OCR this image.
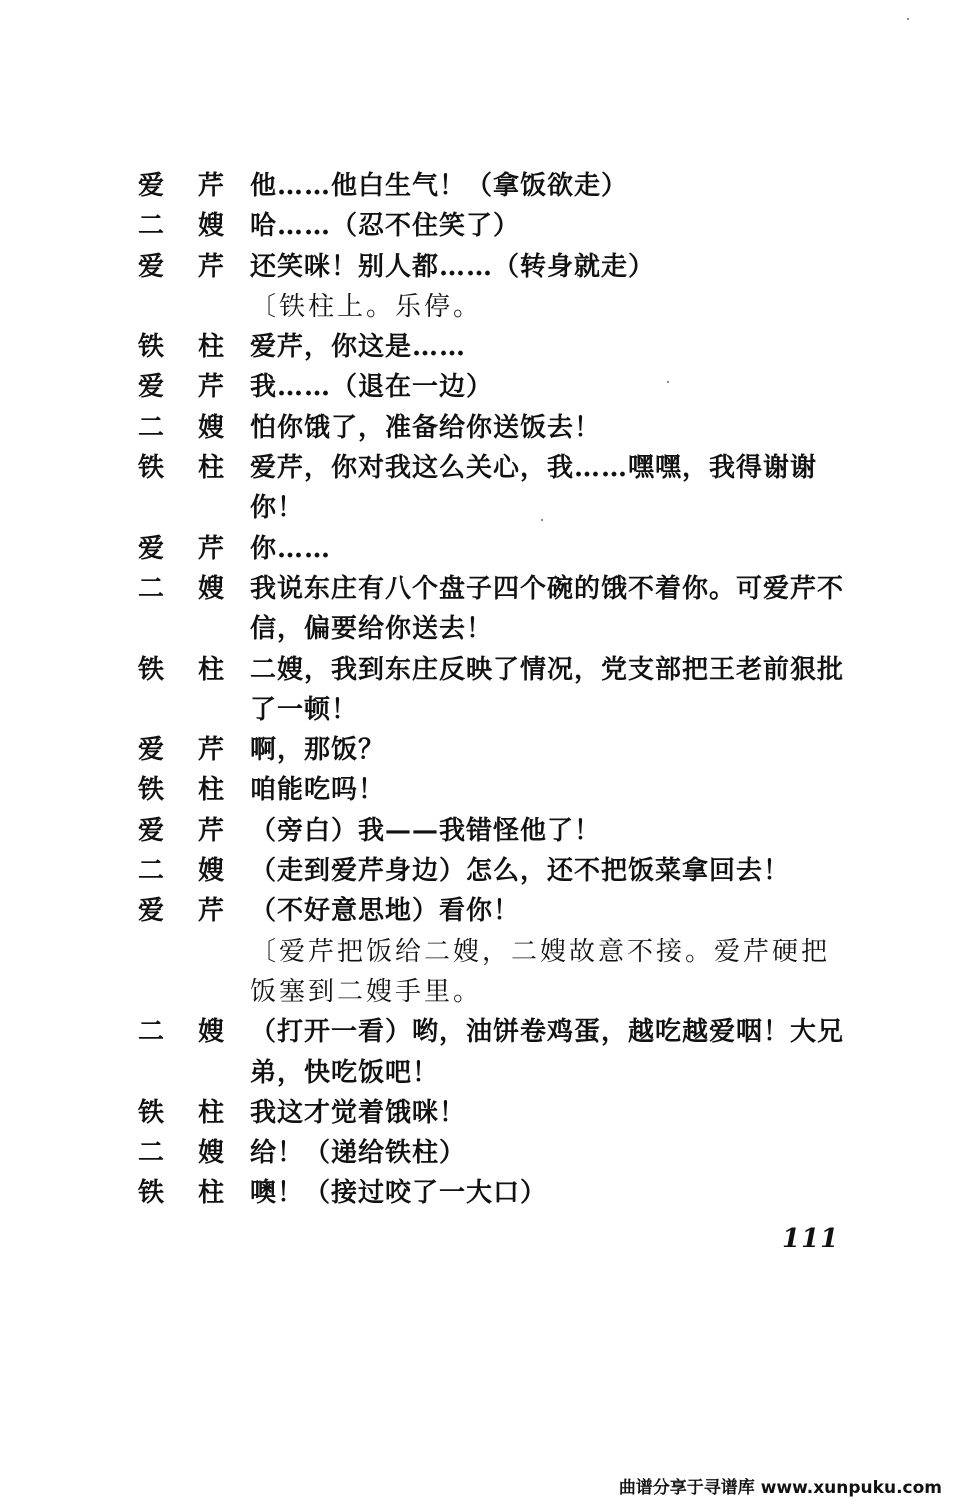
爱 芹 他……他白生气！（拿饭欲走）
二 嫂 哈……（忍不住笑了）
爱 芹 还笑咪！别人都……（转身就走）
〔铁柱上。乐停。
铁 柱 爱芹，你这是……
爱 芹 我……（退在一边）
二 嫂 怕你饿了，准备给你送饭去！
铁 柱 爱芹，你对我这么关心，我……嘿嘿，我得谢谢你！
爱 芹 你……
二 嫂 我说东庄有八个盘子四个碗的饿不着你。可爱芹不信，偏要给你送去！
铁 柱 二嫂，我到东庄反映了情况，党支部把王老前狠批了一顿！
爱 芹 啊，那饭？
铁 柱 咱能吃吗！
爱 芹 （旁白）我——我错怪他了！
二 嫂 （走到爱芹身边）怎么，还不把饭菜拿回去！
爱 芹 （不好意思地）看你！
〔爱芹把饭给二嫂，二嫂故意不接。爱芹硬把饭塞到二嫂手里。
二 嫂 （打开一看）哟，油饼卷鸡蛋，越吃越爱咽！大兄弟，快吃饭吧！
铁 柱 我这才觉着饿咪！
二 嫂 给！（递给铁柱）
铁 柱 噢！（接过咬了一大口）
111
曲谱分享于寻谱库 www.xunpuku.com
